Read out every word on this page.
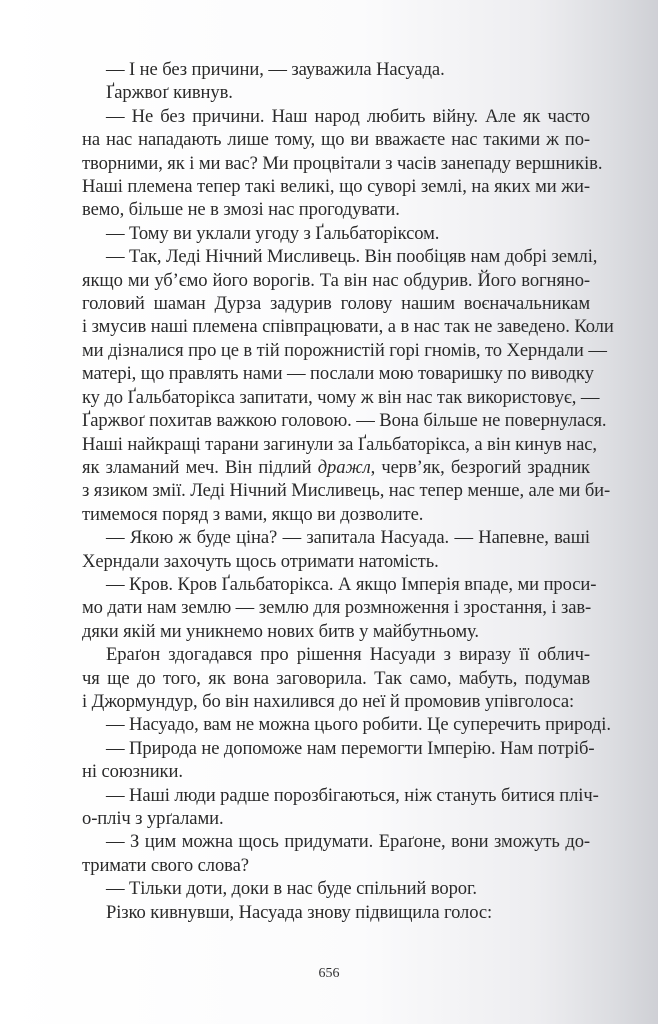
— І не без причини, — зауважила Насуада.

Ґаржвоґ кивнув.

— Не без причини. Наш народ любить війну. Але як часто
на нас нападають лише тому, що ви вважаєте нас такими ж по-
творними, як і ми вас? Ми процвітали з часів занепаду вершників.
Наші племена тепер такі великі, що суворі землі, на яких ми жи-
вемо, більше не в змозі нас прогодувати.

— Тому ви уклали угоду з Ґальбаторіксом.

— Так, Леді Нічний Мисливець. Він пообіцяв нам добрі землі,
якщо ми уб’ємо його ворогів. Та він нас обдурив. Його вогняно-
головий шаман Дурза задурив голову нашим воєначальникам
і змусив наші племена співпрацювати, а в нас так не заведено. Коли
ми дізналися про це в тій порожнистій горі гномів, то Херндали —
матері, що правлять нами — послали мою товаришку по виводку
ку до Ґальбаторікса запитати, чому ж він нас так використовує, —
Ґаржвоґ похитав важкою головою. — Вона більше не повернулася.
Наші найкращі тарани загинули за Ґальбаторікса, а він кинув нас,
як зламаний меч. Він підлий дражл, черв’як, безрогий зрадник
з язиком змії. Леді Нічний Мисливець, нас тепер менше, але ми би-
тимемося поряд з вами, якщо ви дозволите.

— Якою ж буде ціна? — запитала Насуада. — Напевне, ваші
Херндали захочуть щось отримати натомість.

— Кров. Кров Ґальбаторікса. А якщо Імперія впаде, ми проси-
мо дати нам землю — землю для розмноження і зростання, і зав-
дяки якій ми уникнемо нових битв у майбутньому.

Ераґон здогадався про рішення Насуади з виразу її облич-
чя ще до того, як вона заговорила. Так само, мабуть, подумав
і Джормундур, бо він нахилився до неї й промовив упівголоса:

— Насуадо, вам не можна цього робити. Це суперечить природі.

— Природа не допоможе нам перемогти Імперію. Нам потріб-
ні союзники.

— Наші люди радше порозбігаються, ніж стануть битися пліч-
о-пліч з урґалами.

— З цим можна щось придумати. Ераґоне, вони зможуть до-
тримати свого слова?

— Тільки доти, доки в нас буде спільний ворог.

Різко кивнувши, Насуада знову підвищила голос:

656
